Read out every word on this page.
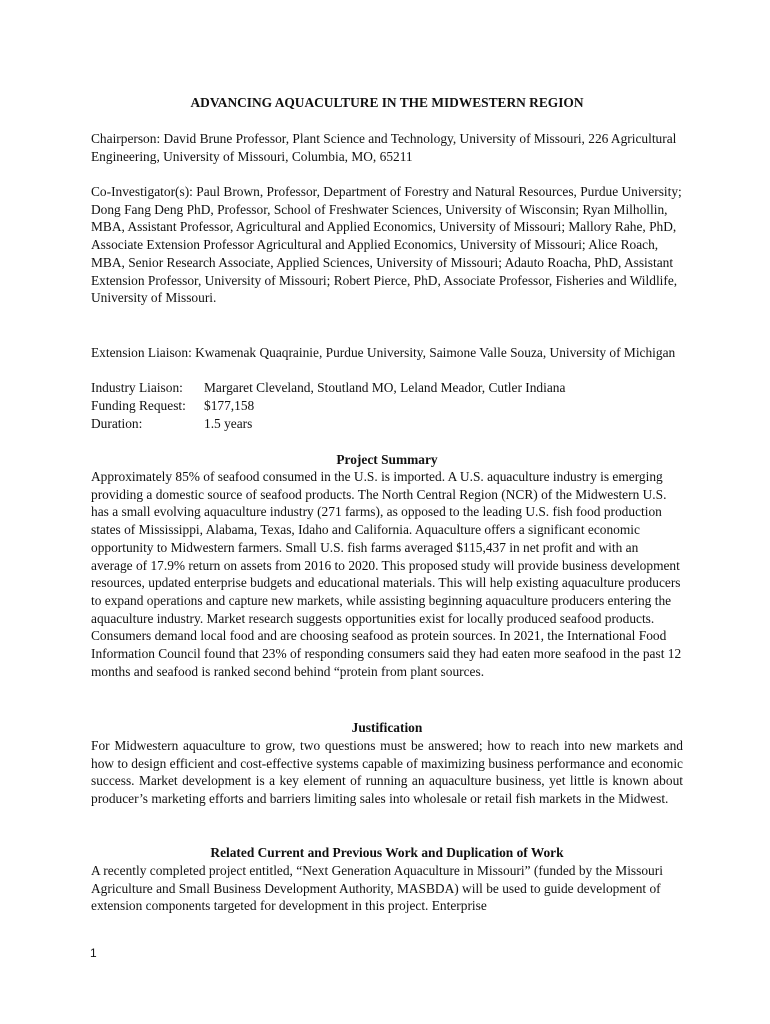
ADVANCING AQUACULTURE IN THE MIDWESTERN REGION

Chairperson: David Brune Professor, Plant Science and Technology, University of Missouri, 226 Agricultural Engineering, University of Missouri, Columbia, MO, 65211

Co-Investigator(s): Paul Brown, Professor, Department of Forestry and Natural Resources, Purdue University; Dong Fang Deng PhD, Professor, School of Freshwater Sciences, University of Wisconsin; Ryan Milhollin, MBA, Assistant Professor, Agricultural and Applied Economics, University of Missouri; Mallory Rahe, PhD, Associate Extension Professor Agricultural and Applied Economics, University of Missouri; Alice Roach, MBA, Senior Research Associate, Applied Sciences, University of Missouri; Adauto Roacha, PhD, Assistant Extension Professor, University of Missouri; Robert Pierce, PhD, Associate Professor, Fisheries and Wildlife, University of Missouri.

Extension Liaison: Kwamenak Quaqrainie, Purdue University, Saimone Valle Souza, University of Michigan

Industry Liaison: Margaret Cleveland, Stoutland MO, Leland Meador, Cutler Indiana
Funding Request: $177,158
Duration:	1.5 years
Project Summary

Approximately 85% of seafood consumed in the U.S. is imported. A U.S. aquaculture industry is emerging providing a domestic source of seafood products. The North Central Region (NCR) of the Midwestern U.S. has a small evolving aquaculture industry (271 farms), as opposed to the leading U.S. fish food production states of Mississippi, Alabama, Texas, Idaho and California. Aquaculture offers a significant economic opportunity to Midwestern farmers. Small U.S. fish farms averaged $115,437 in net profit and with an average of 17.9% return on assets from 2016 to 2020. This proposed study will provide business development resources, updated enterprise budgets and educational materials. This will help existing aquaculture producers to expand operations and capture new markets, while assisting beginning aquaculture producers entering the aquaculture industry. Market research suggests opportunities exist for locally produced seafood products. Consumers demand local food and are choosing seafood as protein sources. In 2021, the International Food Information Council found that 23% of responding consumers said they had eaten more seafood in the past 12 months and seafood is ranked second behind “protein from plant sources.

Justification

For Midwestern aquaculture to grow, two questions must be answered; how to reach into new markets and how to design efficient and cost-effective systems capable of maximizing business performance and economic success. Market development is a key element of running an aquaculture business, yet little is known about producer’s marketing efforts and barriers limiting sales into wholesale or retail fish markets in the Midwest.

Related Current and Previous Work and Duplication of Work

A recently completed project entitled, “Next Generation Aquaculture in Missouri” (funded by the Missouri Agriculture and Small Business Development Authority, MASBDA) will be used to guide development of extension components targeted for development in this project. Enterprise

1
